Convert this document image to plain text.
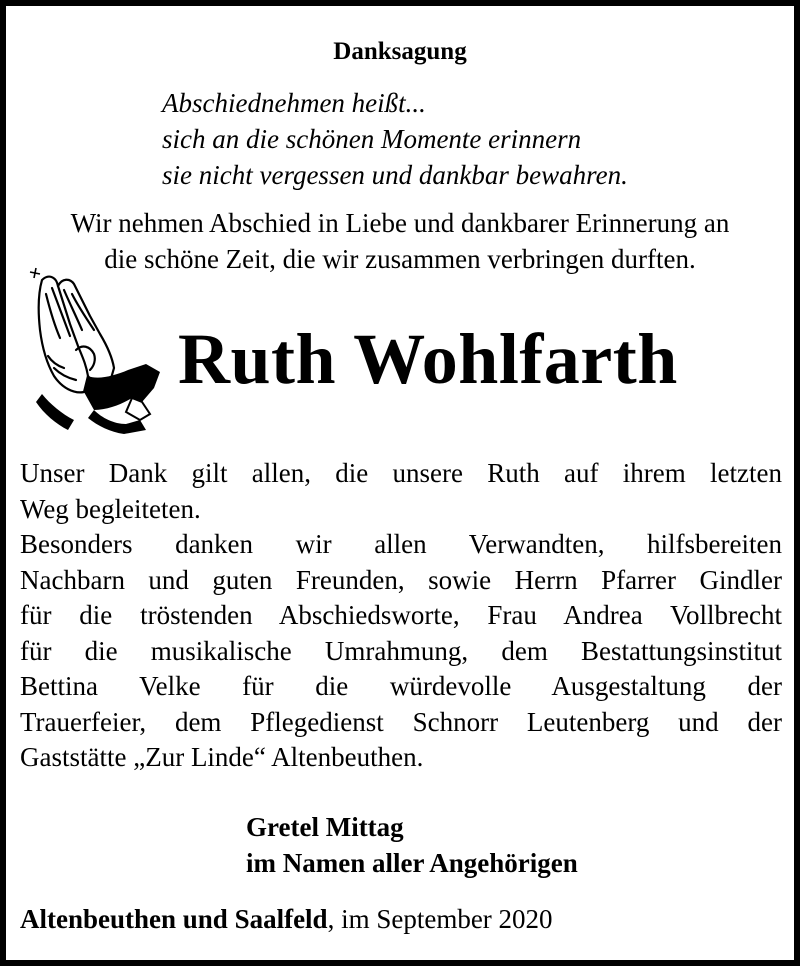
Danksagung
Abschiednehmen heißt...
sich an die schönen Momente erinnern
sie nicht vergessen und dankbar bewahren.
Wir nehmen Abschied in Liebe und dankbarer Erinnerung an
die schöne Zeit, die wir zusammen verbringen durften.
Ruth Wohlfarth

Unser Dank gilt allen, die unsere Ruth auf ihrem letzten

Weg begleiteten.

Besonders danken wir allen Verwandten, hilfsbereiten

Nachbarn und guten Freunden, sowie Herrn Pfarrer Gindler

für die tröstenden Abschiedsworte, Frau Andrea Vollbrecht

für die musikalische Umrahmung, dem Bestattungsinstitut

Bettina Velke für die würdevolle Ausgestaltung der

Trauerfeier, dem Pflegedienst Schnorr Leutenberg und der

Gaststätte „Zur Linde“ Altenbeuthen.

Gretel Mittag
im Namen aller Angehörigen
Altenbeuthen und Saalfeld, im September 2020
